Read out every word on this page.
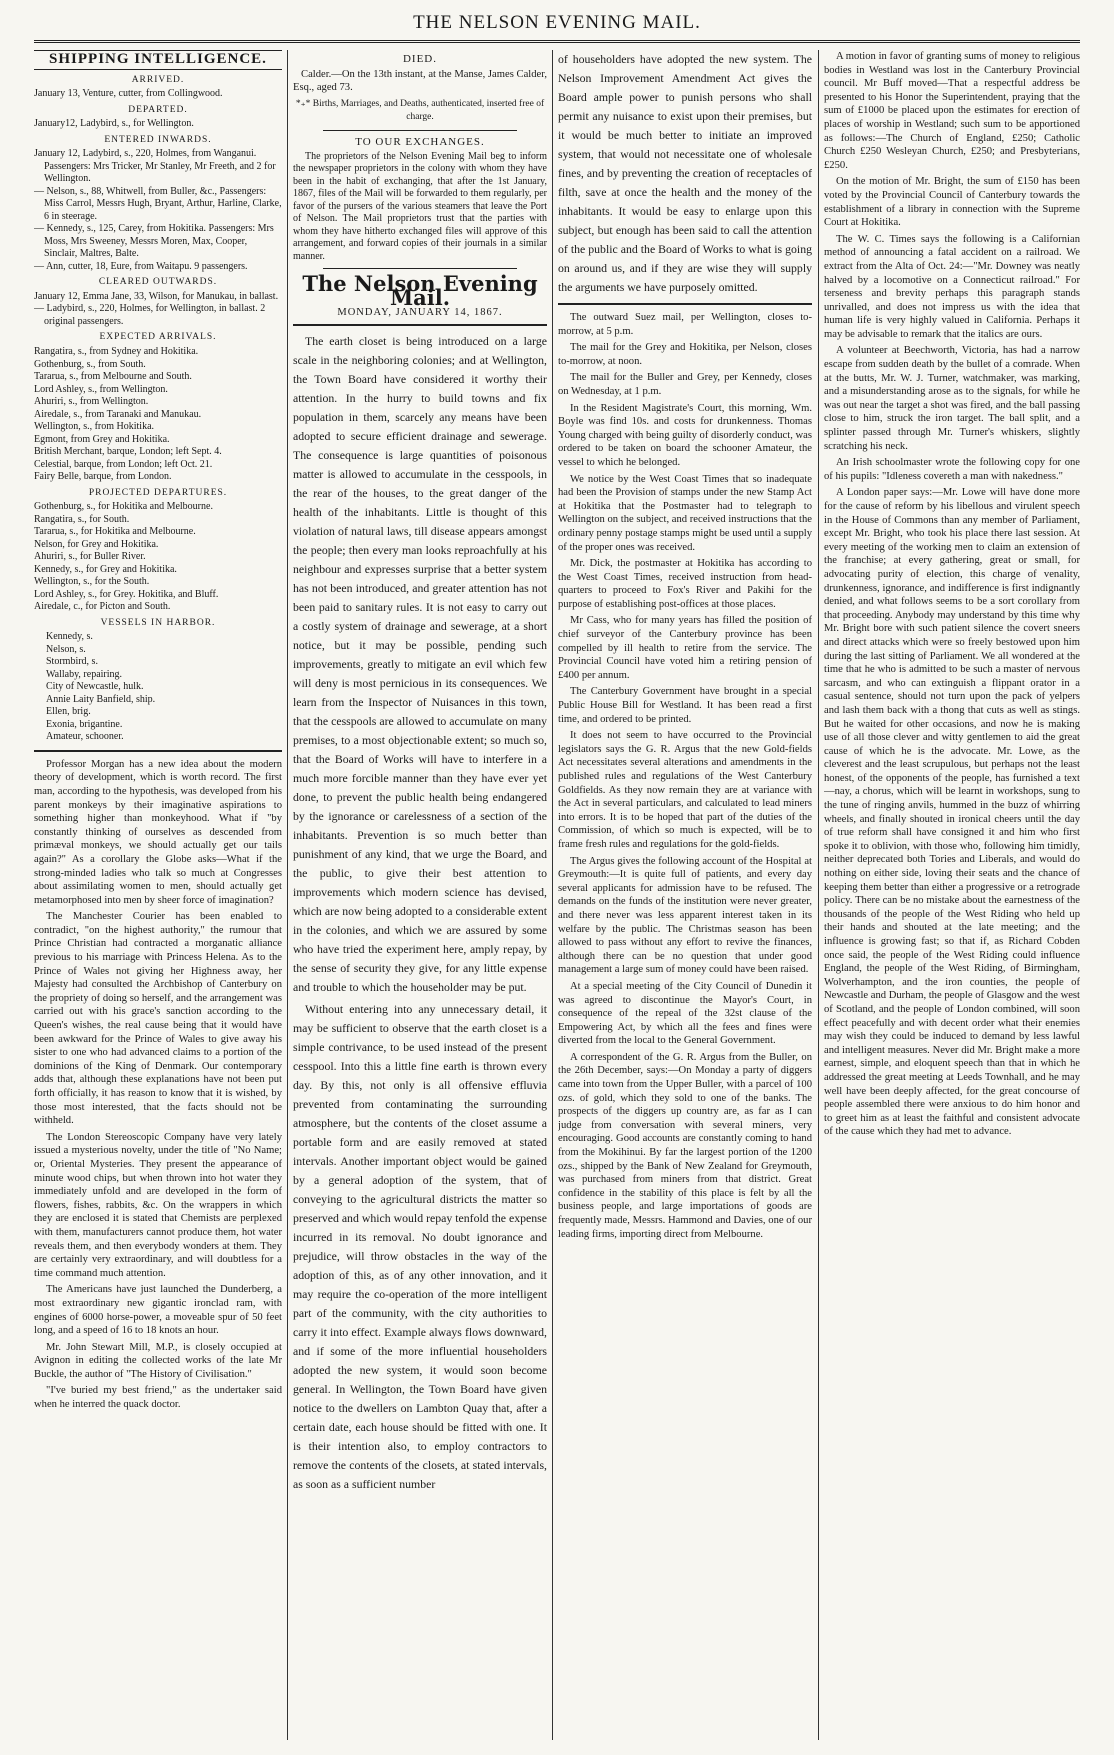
THE NELSON EVENING MAIL.
SHIPPING INTELLIGENCE.
ARRIVED.
January 13, Venture, cutter, from Collingwood.
DEPARTED.
January12, Ladybird, s., for Wellington.
ENTERED INWARDS.
January 12, Ladybird, s., 220, Holmes, from Wanganui. Passengers: Mrs Tricker, Mr Stanley, Mr Freeth, and 2 for Wellington.
— Nelson, s., 88, Whitwell, from Buller, &c., Passengers: Miss Carrol, Messrs Hugh, Bryant, Arthur, Harline, Clarke, 6 in steerage.
— Kennedy, s., 125, Carey, from Hokitika. Passengers: Mrs Moss, Mrs Sweeney, Messrs Moren, Max, Cooper, Sinclair, Maltres, Balte.
— Ann, cutter, 18, Eure, from Waitapu. 9 passengers.
CLEARED OUTWARDS.
January 12, Emma Jane, 33, Wilson, for Manukau, in ballast.
— Ladybird, s., 220, Holmes, for Wellington, in ballast. 2 original passengers.
EXPECTED ARRIVALS.
Rangatira, s., from Sydney and Hokitika.
Gothenburg, s., from South.
Tararua, s., from Melbourne and South.
Lord Ashley, s., from Wellington.
Ahuriri, s., from Wellington.
Airedale, s., from Taranaki and Manukau.
Wellington, s., from Hokitika.
Egmont, from Grey and Hokitika.
British Merchant, barque, London; left Sept. 4.
Celestial, barque, from London; left Oct. 21.
Fairy Belle, barque, from London.
PROJECTED DEPARTURES.
Gothenburg, s., for Hokitika and Melbourne.
Rangatira, s., for South.
Tararua, s., for Hokitika and Melbourne.
Nelson, for Grey and Hokitika.
Ahuriri, s., for Buller River.
Kennedy, s., for Grey and Hokitika.
Wellington, s., for the South.
Lord Ashley, s., for Grey. Hokitika, and Bluff.
Airedale, c., for Picton and South.
VESSELS IN HARBOR.
Kennedy, s.
Nelson, s.
Stormbird, s.
Wallaby, repairing.
City of Newcastle, hulk.
Annie Laity Banfield, ship.
Ellen, brig.
Exonia, brigantine.
Amateur, schooner.

Professor Morgan has a new idea about the modern theory of development, which is worth record. The first man, according to the hypothesis, was developed from his parent monkeys by their imaginative aspirations to something higher than monkeyhood. What if "by constantly thinking of ourselves as descended from primæval monkeys, we should actually get our tails again?" As a corollary the Globe asks—What if the strong-minded ladies who talk so much at Congresses about assimilating women to men, should actually get metamorphosed into men by sheer force of imagination?

The Manchester Courier has been enabled to contradict, "on the highest authority," the rumour that Prince Christian had contracted a morganatic alliance previous to his marriage with Princess Helena. As to the Prince of Wales not giving her Highness away, her Majesty had consulted the Archbishop of Canterbury on the propriety of doing so herself, and the arrangement was carried out with his grace's sanction according to the Queen's wishes, the real cause being that it would have been awkward for the Prince of Wales to give away his sister to one who had advanced claims to a portion of the dominions of the King of Denmark. Our contemporary adds that, although these explanations have not been put forth officially, it has reason to know that it is wished, by those most interested, that the facts should not be withheld.

The London Stereoscopic Company have very lately issued a mysterious novelty, under the title of "No Name; or, Oriental Mysteries. They present the appearance of minute wood chips, but when thrown into hot water they immediately unfold and are developed in the form of flowers, fishes, rabbits, &c. On the wrappers in which they are enclosed it is stated that Chemists are perplexed with them, manufacturers cannot produce them, hot water reveals them, and then everybody wonders at them. They are certainly very extraordinary, and will doubtless for a time command much attention.

The Americans have just launched the Dunderberg, a most extraordinary new gigantic ironclad ram, with engines of 6000 horse-power, a moveable spur of 50 feet long, and a speed of 16 to 18 knots an hour.

Mr. John Stewart Mill, M.P., is closely occupied at Avignon in editing the collected works of the late Mr Buckle, the author of "The History of Civilisation."

"I've buried my best friend," as the undertaker said when he interred the quack doctor.

DIED.

Calder.—On the 13th instant, at the Manse, James Calder, Esq., aged 73.

*₊* Births, Marriages, and Deaths, authenticated, inserted free of charge.

TO OUR EXCHANGES.

The proprietors of the Nelson Evening Mail beg to inform the newspaper proprietors in the colony with whom they have been in the habit of exchanging, that after the 1st January, 1867, files of the Mail will be forwarded to them regularly, per favor of the pursers of the various steamers that leave the Port of Nelson. The Mail proprietors trust that the parties with whom they have hitherto exchanged files will approve of this arrangement, and forward copies of their journals in a similar manner.

The Nelson Evening Mail.
MONDAY, JANUARY 14, 1867.

The earth closet is being introduced on a large scale in the neighboring colonies; and at Wellington, the Town Board have considered it worthy their attention. In the hurry to build towns and fix population in them, scarcely any means have been adopted to secure efficient drainage and sewerage. The consequence is large quantities of poisonous matter is allowed to accumulate in the cesspools, in the rear of the houses, to the great danger of the health of the inhabitants. Little is thought of this violation of natural laws, till disease appears amongst the people; then every man looks reproachfully at his neighbour and expresses surprise that a better system has not been introduced, and greater attention has not been paid to sanitary rules. It is not easy to carry out a costly system of drainage and sewerage, at a short notice, but it may be possible, pending such improvements, greatly to mitigate an evil which few will deny is most pernicious in its consequences. We learn from the Inspector of Nuisances in this town, that the cesspools are allowed to accumulate on many premises, to a most objectionable extent; so much so, that the Board of Works will have to interfere in a much more forcible manner than they have ever yet done, to prevent the public health being endangered by the ignorance or carelessness of a section of the inhabitants. Prevention is so much better than punishment of any kind, that we urge the Board, and the public, to give their best attention to improvements which modern science has devised, which are now being adopted to a considerable extent in the colonies, and which we are assured by some who have tried the experiment here, amply repay, by the sense of security they give, for any little expense and trouble to which the householder may be put.

Without entering into any unnecessary detail, it may be sufficient to observe that the earth closet is a simple contrivance, to be used instead of the present cesspool. Into this a little fine earth is thrown every day. By this, not only is all offensive effluvia prevented from contaminating the surrounding atmosphere, but the contents of the closet assume a portable form and are easily removed at stated intervals. Another important object would be gained by a general adoption of the system, that of conveying to the agricultural districts the matter so preserved and which would repay tenfold the expense incurred in its removal. No doubt ignorance and prejudice, will throw obstacles in the way of the adoption of this, as of any other innovation, and it may require the co-operation of the more intelligent part of the community, with the city authorities to carry it into effect. Example always flows downward, and if some of the more influential householders adopted the new system, it would soon become general. In Wellington, the Town Board have given notice to the dwellers on Lambton Quay that, after a certain date, each house should be fitted with one. It is their intention also, to employ contractors to remove the contents of the closets, at stated intervals, as soon as a sufficient number

of householders have adopted the new system. The Nelson Improvement Amendment Act gives the Board ample power to punish persons who shall permit any nuisance to exist upon their premises, but it would be much better to initiate an improved system, that would not necessitate one of wholesale fines, and by preventing the creation of receptacles of filth, save at once the health and the money of the inhabitants. It would be easy to enlarge upon this subject, but enough has been said to call the attention of the public and the Board of Works to what is going on around us, and if they are wise they will supply the arguments we have purposely omitted.

The outward Suez mail, per Wellington, closes to-morrow, at 5 p.m.

The mail for the Grey and Hokitika, per Nelson, closes to-morrow, at noon.

The mail for the Buller and Grey, per Kennedy, closes on Wednesday, at 1 p.m.

In the Resident Magistrate's Court, this morning, Wm. Boyle was find 10s. and costs for drunkenness. Thomas Young charged with being guilty of disorderly conduct, was ordered to be taken on board the schooner Amateur, the vessel to which he belonged.

We notice by the West Coast Times that so inadequate had been the Provision of stamps under the new Stamp Act at Hokitika that the Postmaster had to telegraph to Wellington on the subject, and received instructions that the ordinary penny postage stamps might be used until a supply of the proper ones was received.

Mr. Dick, the postmaster at Hokitika has according to the West Coast Times, received instruction from head-quarters to proceed to Fox's River and Pakihi for the purpose of establishing post-offices at those places.

Mr Cass, who for many years has filled the position of chief surveyor of the Canterbury province has been compelled by ill health to retire from the service. The Provincial Council have voted him a retiring pension of £400 per annum.

The Canterbury Government have brought in a special Public House Bill for Westland. It has been read a first time, and ordered to be printed.

It does not seem to have occurred to the Provincial legislators says the G. R. Argus that the new Gold-fields Act necessitates several alterations and amendments in the published rules and regulations of the West Canterbury Goldfields. As they now remain they are at variance with the Act in several particulars, and calculated to lead miners into errors. It is to be hoped that part of the duties of the Commission, of which so much is expected, will be to frame fresh rules and regulations for the gold-fields.

The Argus gives the following account of the Hospital at Greymouth:—It is quite full of patients, and every day several applicants for admission have to be refused. The demands on the funds of the institution were never greater, and there never was less apparent interest taken in its welfare by the public. The Christmas season has been allowed to pass without any effort to revive the finances, although there can be no question that under good management a large sum of money could have been raised.

At a special meeting of the City Council of Dunedin it was agreed to discontinue the Mayor's Court, in consequence of the repeal of the 32st clause of the Empowering Act, by which all the fees and fines were diverted from the local to the General Government.

A correspondent of the G. R. Argus from the Buller, on the 26th December, says:—On Monday a party of diggers came into town from the Upper Buller, with a parcel of 100 ozs. of gold, which they sold to one of the banks. The prospects of the diggers up country are, as far as I can judge from conversation with several miners, very encouraging. Good accounts are constantly coming to hand from the Mokihinui. By far the largest portion of the 1200 ozs., shipped by the Bank of New Zealand for Greymouth, was purchased from miners from that district. Great confidence in the stability of this place is felt by all the business people, and large importations of goods are frequently made, Messrs. Hammond and Davies, one of our leading firms, importing direct from Melbourne.

A motion in favor of granting sums of money to religious bodies in Westland was lost in the Canterbury Provincial council. Mr Buff moved—That a respectful address be presented to his Honor the Superintendent, praying that the sum of £1000 be placed upon the estimates for erection of places of worship in Westland; such sum to be apportioned as follows:—The Church of England, £250; Catholic Church £250 Wesleyan Church, £250; and Presbyterians, £250.

On the motion of Mr. Bright, the sum of £150 has been voted by the Provincial Council of Canterbury towards the establishment of a library in connection with the Supreme Court at Hokitika.

The W. C. Times says the following is a Californian method of announcing a fatal accident on a railroad. We extract from the Alta of Oct. 24:—"Mr. Downey was neatly halved by a locomotive on a Connecticut railroad." For terseness and brevity perhaps this paragraph stands unrivalled, and does not impress us with the idea that human life is very highly valued in California. Perhaps it may be advisable to remark that the italics are ours.

A volunteer at Beechworth, Victoria, has had a narrow escape from sudden death by the bullet of a comrade. When at the butts, Mr. W. J. Turner, watchmaker, was marking, and a misunderstanding arose as to the signals, for while he was out near the target a shot was fired, and the ball passing close to him, struck the iron target. The ball split, and a splinter passed through Mr. Turner's whiskers, slightly scratching his neck.

An Irish schoolmaster wrote the following copy for one of his pupils: "Idleness covereth a man with nakedness."

A London paper says:—Mr. Lowe will have done more for the cause of reform by his libellous and virulent speech in the House of Commons than any member of Parliament, except Mr. Bright, who took his place there last session. At every meeting of the working men to claim an extension of the franchise; at every gathering, great or small, for advocating purity of election, this charge of venality, drunkenness, ignorance, and indifference is first indignantly denied, and what follows seems to be a sort corollary from that proceeding. Anybody may understand by this time why Mr. Bright bore with such patient silence the covert sneers and direct attacks which were so freely bestowed upon him during the last sitting of Parliament. We all wondered at the time that he who is admitted to be such a master of nervous sarcasm, and who can extinguish a flippant orator in a casual sentence, should not turn upon the pack of yelpers and lash them back with a thong that cuts as well as stings. But he waited for other occasions, and now he is making use of all those clever and witty gentlemen to aid the great cause of which he is the advocate. Mr. Lowe, as the cleverest and the least scrupulous, but perhaps not the least honest, of the opponents of the people, has furnished a text—nay, a chorus, which will be learnt in workshops, sung to the tune of ringing anvils, hummed in the buzz of whirring wheels, and finally shouted in ironical cheers until the day of true reform shall have consigned it and him who first spoke it to oblivion, with those who, following him timidly, neither deprecated both Tories and Liberals, and would do nothing on either side, loving their seats and the chance of keeping them better than either a progressive or a retrograde policy. There can be no mistake about the earnestness of the thousands of the people of the West Riding who held up their hands and shouted at the late meeting; and the influence is growing fast; so that if, as Richard Cobden once said, the people of the West Riding could influence England, the people of the West Riding, of Birmingham, Wolverhampton, and the iron counties, the people of Newcastle and Durham, the people of Glasgow and the west of Scotland, and the people of London combined, will soon effect peacefully and with decent order what their enemies may wish they could be induced to demand by less lawful and intelligent measures. Never did Mr. Bright make a more earnest, simple, and eloquent speech than that in which he addressed the great meeting at Leeds Townhall, and he may well have been deeply affected, for the great concourse of people assembled there were anxious to do him honor and to greet him as at least the faithful and consistent advocate of the cause which they had met to advance.
